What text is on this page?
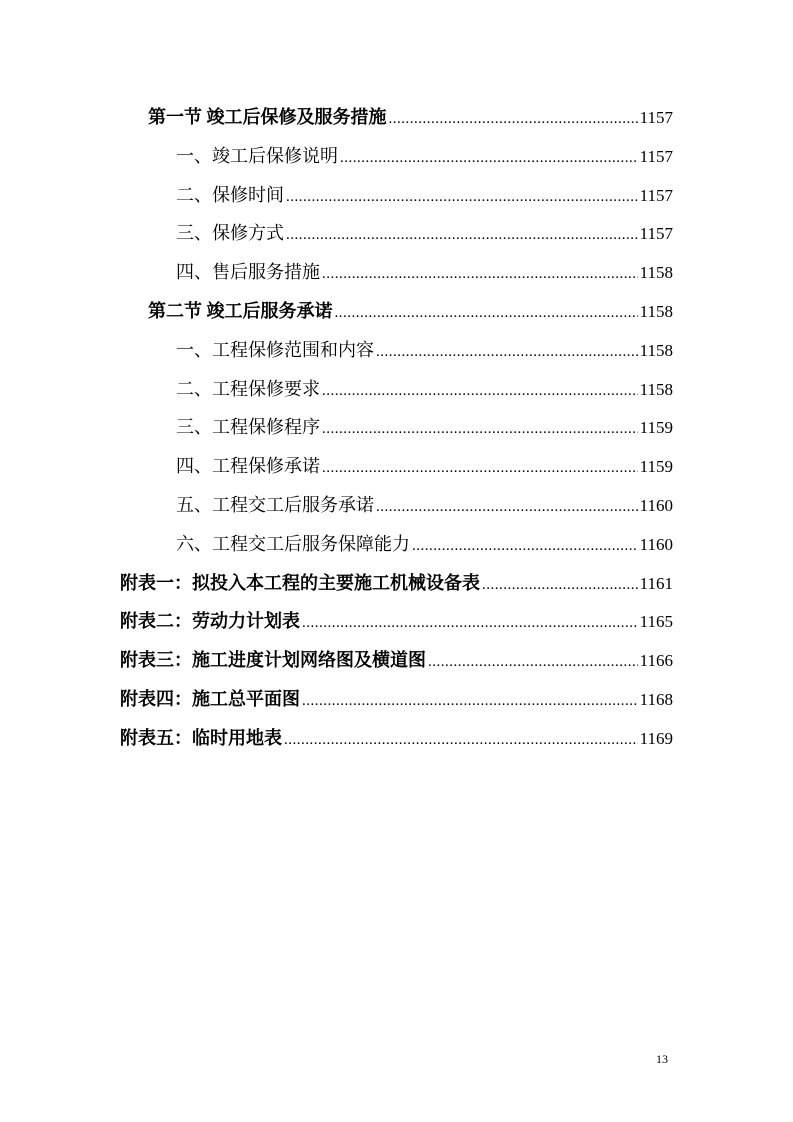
第一节 竣工后保修及服务措施 .....	1157
一、竣工后保修说明 .....	1157
二、保修时间 .....	1157
三、保修方式 .....	1157
四、售后服务措施 .....	1158
第二节 竣工后服务承诺 .....	1158
一、工程保修范围和内容 .....	1158
二、工程保修要求 .....	1158
三、工程保修程序 .....	1159
四、工程保修承诺 .....	1159
五、工程交工后服务承诺 .....	1160
六、工程交工后服务保障能力 .....	1160
附表一：拟投入本工程的主要施工机械设备表 .....	1161
附表二：劳动力计划表 .....	1165
附表三：施工进度计划网络图及横道图 .....	1166
附表四：施工总平面图 .....	1168
附表五：临时用地表 .....	1169
13
